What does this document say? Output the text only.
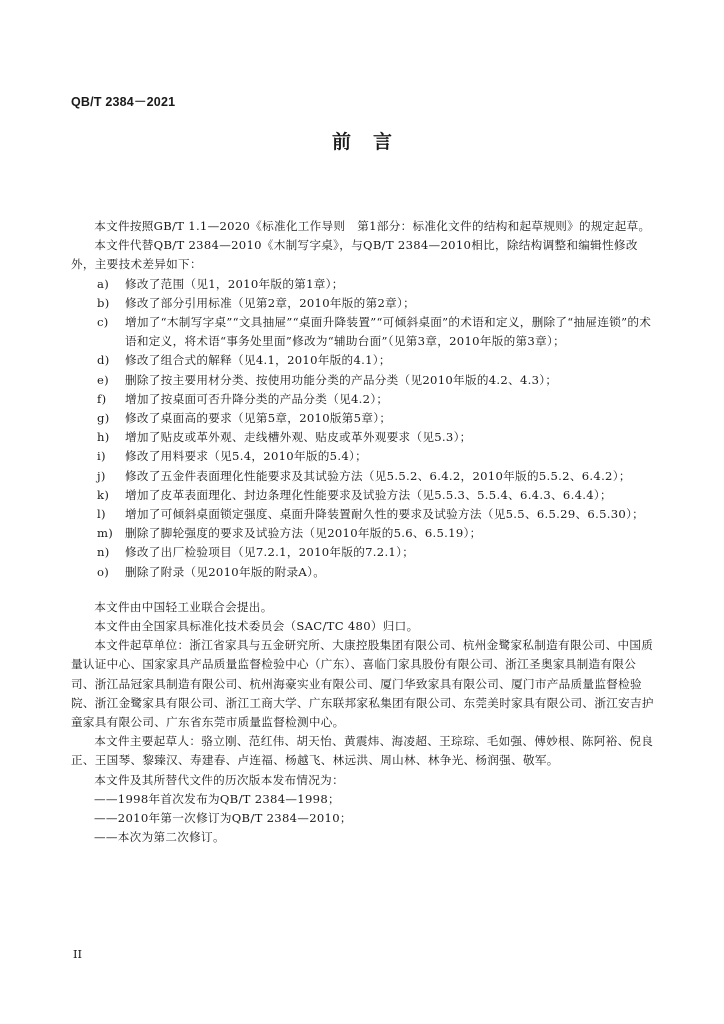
QB/T 2384－2021
前言

本文件按照GB/T 1.1—2020《标准化工作导则　第1部分：标准化文件的结构和起草规则》的规定起草。

本文件代替QB/T 2384—2010《木制写字桌》，与QB/T 2384—2010相比，除结构调整和编辑性修改外，主要技术差异如下：

a) 修改了范围（见1，2010年版的第1章）；
b) 修改了部分引用标准（见第2章，2010年版的第2章）；
c) 增加了“木制写字桌”“文具抽屉”“桌面升降装置”“可倾斜桌面”的术语和定义，删除了“抽屉连锁”的术语和定义，将术语“事务处里面”修改为“辅助台面”（见第3章，2010年版的第3章）；
d) 修改了组合式的解释（见4.1，2010年版的4.1）；
e) 删除了按主要用材分类、按使用功能分类的产品分类（见2010年版的4.2、4.3）；
f) 增加了按桌面可否升降分类的产品分类（见4.2）；
g) 修改了桌面高的要求（见第5章，2010版第5章）；
h) 增加了贴皮或革外观、走线槽外观、贴皮或革外观要求（见5.3）；
i) 修改了用料要求（见5.4，2010年版的5.4）；
j) 修改了五金件表面理化性能要求及其试验方法（见5.5.2、6.4.2，2010年版的5.5.2、6.4.2）；
k) 增加了皮革表面理化、封边条理化性能要求及试验方法（见5.5.3、5.5.4、6.4.3、6.4.4）；
l) 增加了可倾斜桌面锁定强度、桌面升降装置耐久性的要求及试验方法（见5.5、6.5.29、6.5.30）；
m) 删除了脚轮强度的要求及试验方法（见2010年版的5.6、6.5.19）；
n) 修改了出厂检验项目（见7.2.1，2010年版的7.2.1）；
o) 删除了附录（见2010年版的附录A）。

本文件由中国轻工业联合会提出。

本文件由全国家具标准化技术委员会（SAC/TC 480）归口。

本文件起草单位：浙江省家具与五金研究所、大康控股集团有限公司、杭州金鹭家私制造有限公司、中国质量认证中心、国家家具产品质量监督检验中心（广东）、喜临门家具股份有限公司、浙江圣奥家具制造有限公司、浙江品冠家具制造有限公司、杭州海豪实业有限公司、厦门华致家具有限公司、厦门市产品质量监督检验院、浙江金鹭家具有限公司、浙江工商大学、广东联邦家私集团有限公司、东莞美时家具有限公司、浙江安吉护童家具有限公司、广东省东莞市质量监督检测中心。

本文件主要起草人：骆立刚、范红伟、胡天怡、黄震炜、海凌超、王琮琮、毛如强、傅妙根、陈阿裕、倪良正、王国琴、黎臻汉、寿建春、卢连福、杨越飞、林远洪、周山林、林争光、杨润强、敬军。

本文件及其所替代文件的历次版本发布情况为：

——1998年首次发布为QB/T 2384—1998；

——2010年第一次修订为QB/T 2384—2010；

——本次为第二次修订。

II
